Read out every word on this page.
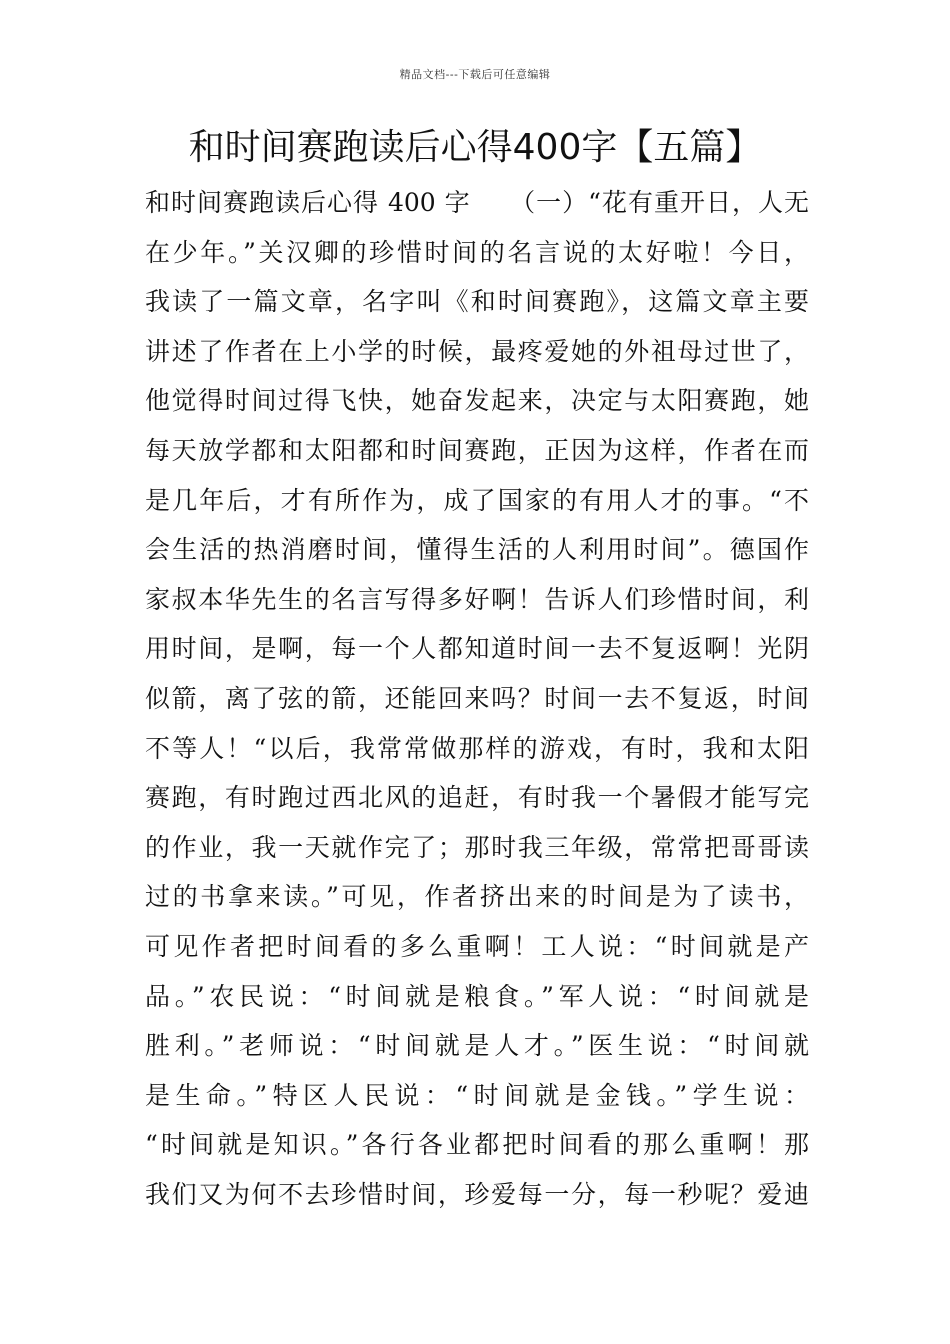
精品文档---下载后可任意编辑
和时间赛跑读后心得400字【五篇】
和时间赛跑读后心得 400 字　　（一）“花有重开日，人无
在少年。”关汉卿的珍惜时间的名言说的太好啦！今日，
我读了一篇文章，名字叫《和时间赛跑》，这篇文章主要
讲述了作者在上小学的时候，最疼爱她的外祖母过世了，
他觉得时间过得飞快，她奋发起来，决定与太阳赛跑，她
每天放学都和太阳都和时间赛跑，正因为这样，作者在而
是几年后，才有所作为，成了国家的有用人才的事。“不
会生活的热消磨时间，懂得生活的人利用时间”。德国作
家叔本华先生的名言写得多好啊！告诉人们珍惜时间，利
用时间，是啊，每一个人都知道时间一去不复返啊！光阴
似箭，离了弦的箭，还能回来吗？时间一去不复返，时间
不等人！“以后，我常常做那样的游戏，有时，我和太阳
赛跑，有时跑过西北风的追赶，有时我一个暑假才能写完
的作业，我一天就作完了；那时我三年级，常常把哥哥读
过的书拿来读。”可见，作者挤出来的时间是为了读书，
可见作者把时间看的多么重啊！工人说：“时间就是产
品。”农民说：“时间就是粮食。”军人说：“时间就是
胜利。”老师说：“时间就是人才。”医生说：“时间就
是生命。”特区人民说：“时间就是金钱。”学生说：
“时间就是知识。”各行各业都把时间看的那么重啊！那
我们又为何不去珍惜时间，珍爱每一分，每一秒呢？爱迪
